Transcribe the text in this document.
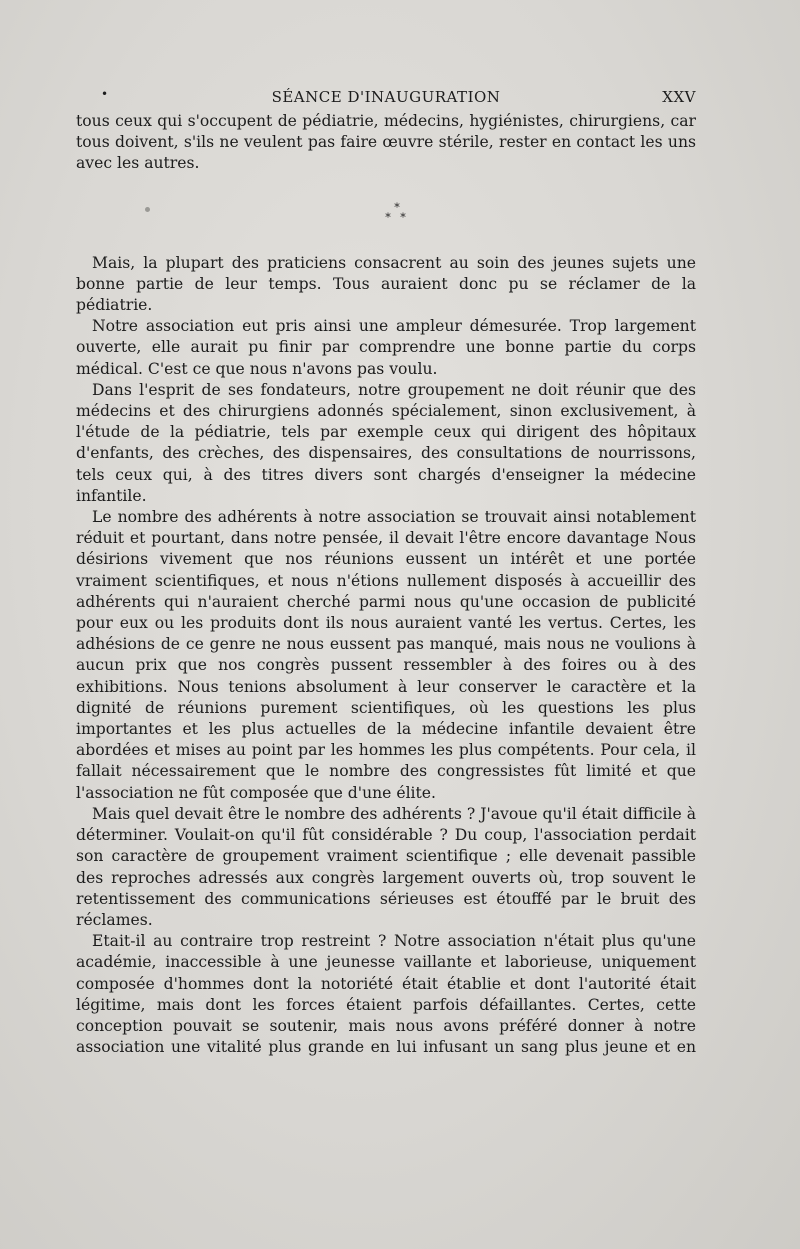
•	SÉANCE D'INAUGURATION	XXV

tous ceux qui s'occupent de pédiatrie, médecins, hygiénistes, chirurgiens, car tous doivent, s'ils ne veulent pas faire œuvre stérile, rester en contact les uns avec les autres.

*
* *

Mais, la plupart des praticiens consacrent au soin des jeunes sujets une bonne partie de leur temps. Tous auraient donc pu se réclamer de la pédiatrie.

Notre association eut pris ainsi une ampleur démesurée. Trop largement ouverte, elle aurait pu finir par comprendre une bonne partie du corps médical. C'est ce que nous n'avons pas voulu.

Dans l'esprit de ses fondateurs, notre groupement ne doit réunir que des médecins et des chirurgiens adonnés spécialement, sinon exclusivement, à l'étude de la pédiatrie, tels par exemple ceux qui dirigent des hôpitaux d'enfants, des crèches, des dispensaires, des consultations de nourrissons, tels ceux qui, à des titres divers sont chargés d'enseigner la médecine infantile.

Le nombre des adhérents à notre association se trouvait ainsi notablement réduit et pourtant, dans notre pensée, il devait l'être encore davantage Nous désirions vivement que nos réunions eussent un intérêt et une portée vraiment scientifiques, et nous n'étions nullement disposés à accueillir des adhérents qui n'auraient cherché parmi nous qu'une occasion de publicité pour eux ou les produits dont ils nous auraient vanté les vertus. Certes, les adhésions de ce genre ne nous eussent pas manqué, mais nous ne voulions à aucun prix que nos congrès pussent ressembler à des foires ou à des exhibitions. Nous tenions absolument à leur conserver le caractère et la dignité de réunions purement scientifiques, où les questions les plus importantes et les plus actuelles de la médecine infantile devaient être abordées et mises au point par les hommes les plus compétents. Pour cela, il fallait nécessairement que le nombre des congressistes fût limité et que l'association ne fût composée que d'une élite.

Mais quel devait être le nombre des adhérents ? J'avoue qu'il était difficile à déterminer. Voulait-on qu'il fût considérable ? Du coup, l'association perdait son caractère de groupement vraiment scientifique ; elle devenait passible des reproches adressés aux congrès largement ouverts où, trop souvent le retentissement des communications sérieuses est étouffé par le bruit des réclames.

Etait-il au contraire trop restreint ? Notre association n'était plus qu'une académie, inaccessible à une jeunesse vaillante et laborieuse, uniquement composée d'hommes dont la notoriété était établie et dont l'autorité était légitime, mais dont les forces étaient parfois défaillantes. Certes, cette conception pouvait se soutenir, mais nous avons préféré donner à notre association une vitalité plus grande en lui infusant un sang plus jeune et en
